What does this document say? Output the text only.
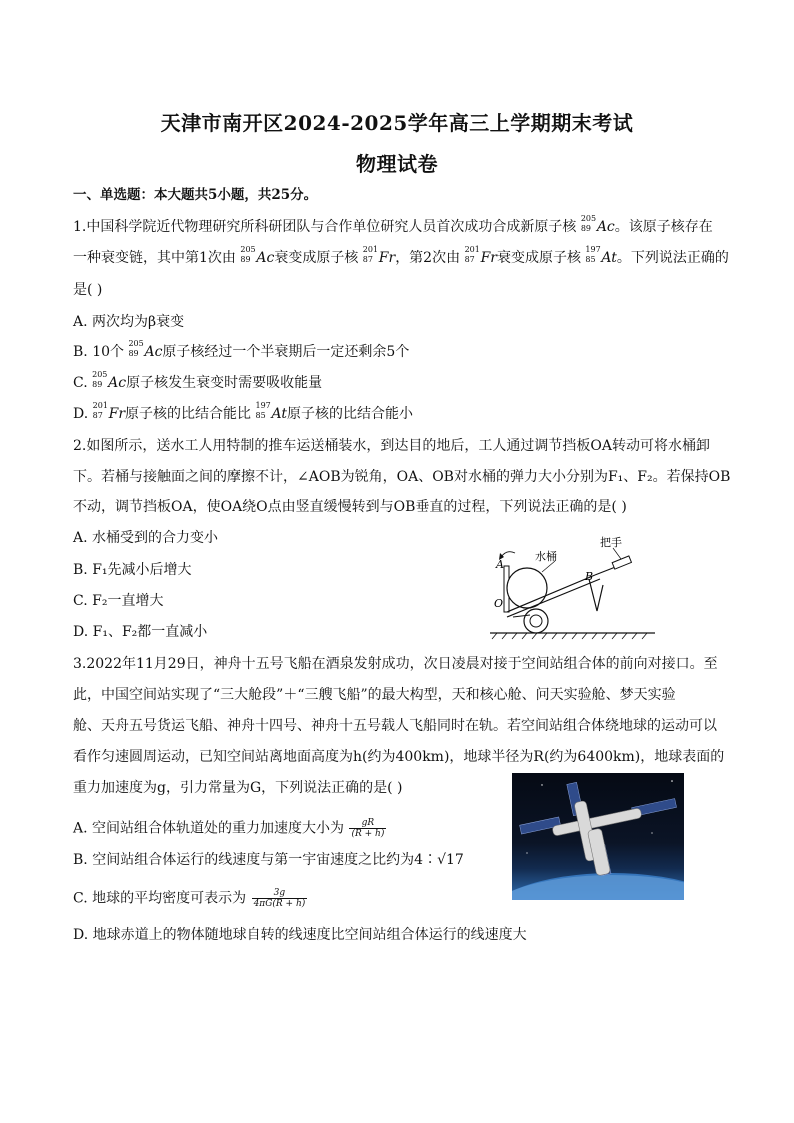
天津市南开区2024-2025学年高三上学期期末考试
物理试卷
一、单选题：本大题共5小题，共25分。
1.中国科学院近代物理研究所科研团队与合作单位研究人员首次成功合成新原子核
205
89 Ac。该原子核存在
一种衰变链，其中第1次由
205
89 Ac衰变成原子核
201
87 Fr，第2次由
201
87 Fr衰变成原子核
197
85 At。下列说法正确的
是( )
A. 两次均为β衰变
B. 10个
205
89 Ac原子核经过一个半衰期后一定还剩余5个
C.
205
89 Ac原子核发生衰变时需要吸收能量
D.
201
87 Fr原子核的比结合能比
197
85 At原子核的比结合能小
2.如图所示，送水工人用特制的推车运送桶装水，到达目的地后，工人通过调节挡板OA转动可将水桶卸
下。若桶与接触面之间的摩擦不计，∠AOB为锐角，OA、OB对水桶的弹力大小分别为F₁、F₂。若保持OB
不动，调节挡板OA，使OA绕O点由竖直缓慢转到与OB垂直的过程，下列说法正确的是( )
A. 水桶受到的合力变小
B. F₁先减小后增大
C. F₂一直增大
D. F₁、F₂都一直减小
A
O
B
水桶
把手
3.2022年11月29日，神舟十五号飞船在酒泉发射成功，次日凌晨对接于空间站组合体的前向对接口。至
此，中国空间站实现了“三大舱段”＋“三艘飞船”的最大构型，天和核心舱、问天实验舱、梦天实验
舱、天舟五号货运飞船、神舟十四号、神舟十五号载人飞船同时在轨。若空间站组合体绕地球的运动可以
看作匀速圆周运动，已知空间站离地面高度为h(约为400km)，地球半径为R(约为6400km)，地球表面的
重力加速度为g，引力常量为G，下列说法正确的是( )
A. 空间站组合体轨道处的重力加速度大小为 $\frac{gR}{(R + h)}$
B. 空间站组合体运行的线速度与第一宇宙速度之比约为4∶√17
C. 地球的平均密度可表示为 $\frac{3g}{4\pi G(R + h)}$
D. 地球赤道上的物体随地球自转的线速度比空间站组合体运行的线速度大
